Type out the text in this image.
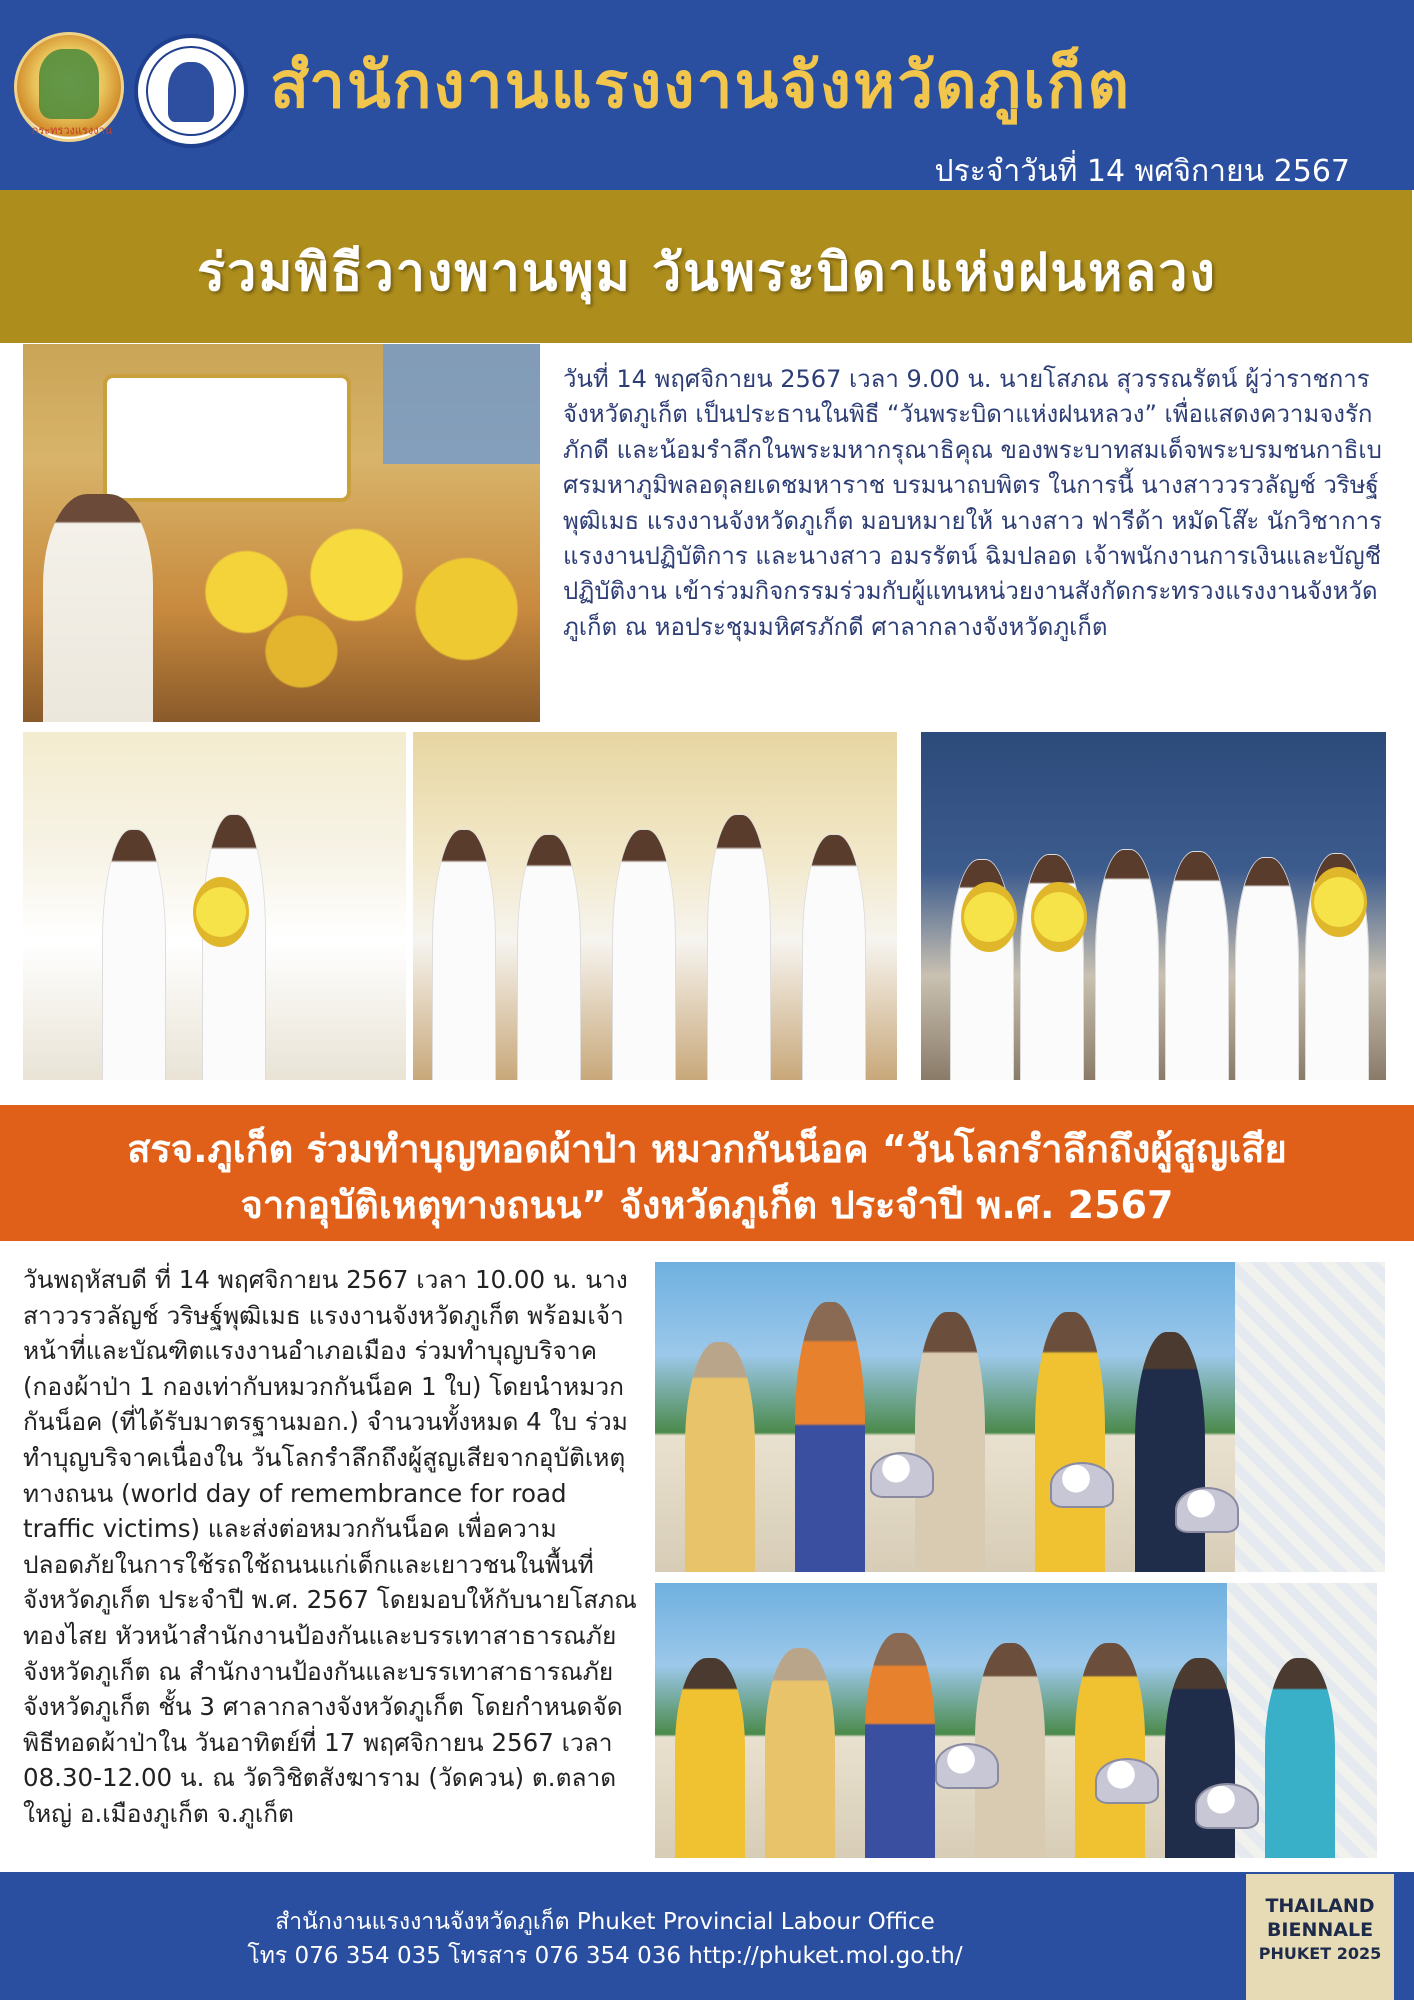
กระทรวงแรงงาน
สำนักงานแรงงานจังหวัดภูเก็ต
ประจำวันที่ 14 พศจิกายน 2567
ร่วมพิธีวางพานพุม วันพระบิดาแห่งฝนหลวง

วันที่ 14 พฤศจิกายน 2567 เวลา 9.00 น. นายโสภณ สุวรรณรัตน์ ผู้ว่าราชการจังหวัดภูเก็ต เป็นประธานในพิธี “วันพระบิดาแห่งฝนหลวง” เพื่อแสดงความจงรักภักดี และน้อมรำลึกในพระมหากรุณาธิคุณ ของพระบาทสมเด็จพระบรมชนกาธิเบศรมหาภูมิพลอดุลยเดชมหาราช บรมนาถบพิตร ในการนี้ นางสาววรวลัญช์ วริษฐ์พุฒิเมธ แรงงานจังหวัดภูเก็ต มอบหมายให้ นางสาว ฟารีด้า หมัดโส๊ะ นักวิชาการแรงงานปฏิบัติการ และนางสาว อมรรัตน์ ฉิมปลอด เจ้าพนักงานการเงินและบัญชีปฏิบัติงาน เข้าร่วมกิจกรรมร่วมกับผู้แทนหน่วยงานสังกัดกระทรวงแรงงานจังหวัดภูเก็ต ณ หอประชุมมหิศรภักดี ศาลากลางจังหวัดภูเก็ต

สรจ.ภูเก็ต ร่วมทำบุญทอดผ้าป่า หมวกกันน็อค “วันโลกรำลึกถึงผู้สูญเสีย
จากอุบัติเหตุทางถนน” จังหวัดภูเก็ต ประจำปี พ.ศ. 2567

วันพฤหัสบดี ที่ 14 พฤศจิกายน 2567 เวลา 10.00 น. นางสาววรวลัญช์ วริษฐ์พุฒิเมธ แรงงานจังหวัดภูเก็ต พร้อมเจ้าหน้าที่และบัณฑิตแรงงานอำเภอเมือง ร่วมทำบุญบริจาค (กองผ้าป่า 1 กองเท่ากับหมวกกันน็อค 1 ใบ) โดยนำหมวกกันน็อค (ที่ได้รับมาตรฐานมอก.) จำนวนทั้งหมด 4 ใบ ร่วมทำบุญบริจาคเนื่องใน วันโลกรำลึกถึงผู้สูญเสียจากอุบัติเหตุทางถนน (world day of remembrance for road traffic victims) และส่งต่อหมวกกันน็อค เพื่อความปลอดภัยในการใช้รถใช้ถนนแก่เด็กและเยาวชนในพื้นที่จังหวัดภูเก็ต ประจำปี พ.ศ. 2567 โดยมอบให้กับนายโสภณ ทองไสย หัวหน้าสำนักงานป้องกันและบรรเทาสาธารณภัยจังหวัดภูเก็ต ณ สำนักงานป้องกันและบรรเทาสาธารณภัยจังหวัดภูเก็ต ชั้น 3 ศาลากลางจังหวัดภูเก็ต โดยกำหนดจัดพิธีทอดผ้าป่าใน วันอาทิตย์ที่ 17 พฤศจิกายน 2567 เวลา 08.30-12.00 น. ณ วัดวิชิตสังฆาราม (วัดควน) ต.ตลาดใหญ่ อ.เมืองภูเก็ต จ.ภูเก็ต

สำนักงานแรงงานจังหวัดภูเก็ต Phuket Provincial Labour Office
โทร 076 354 035 โทรสาร 076 354 036 http://phuket.mol.go.th/
THAILAND
BIENNALE
PHUKET 2025
